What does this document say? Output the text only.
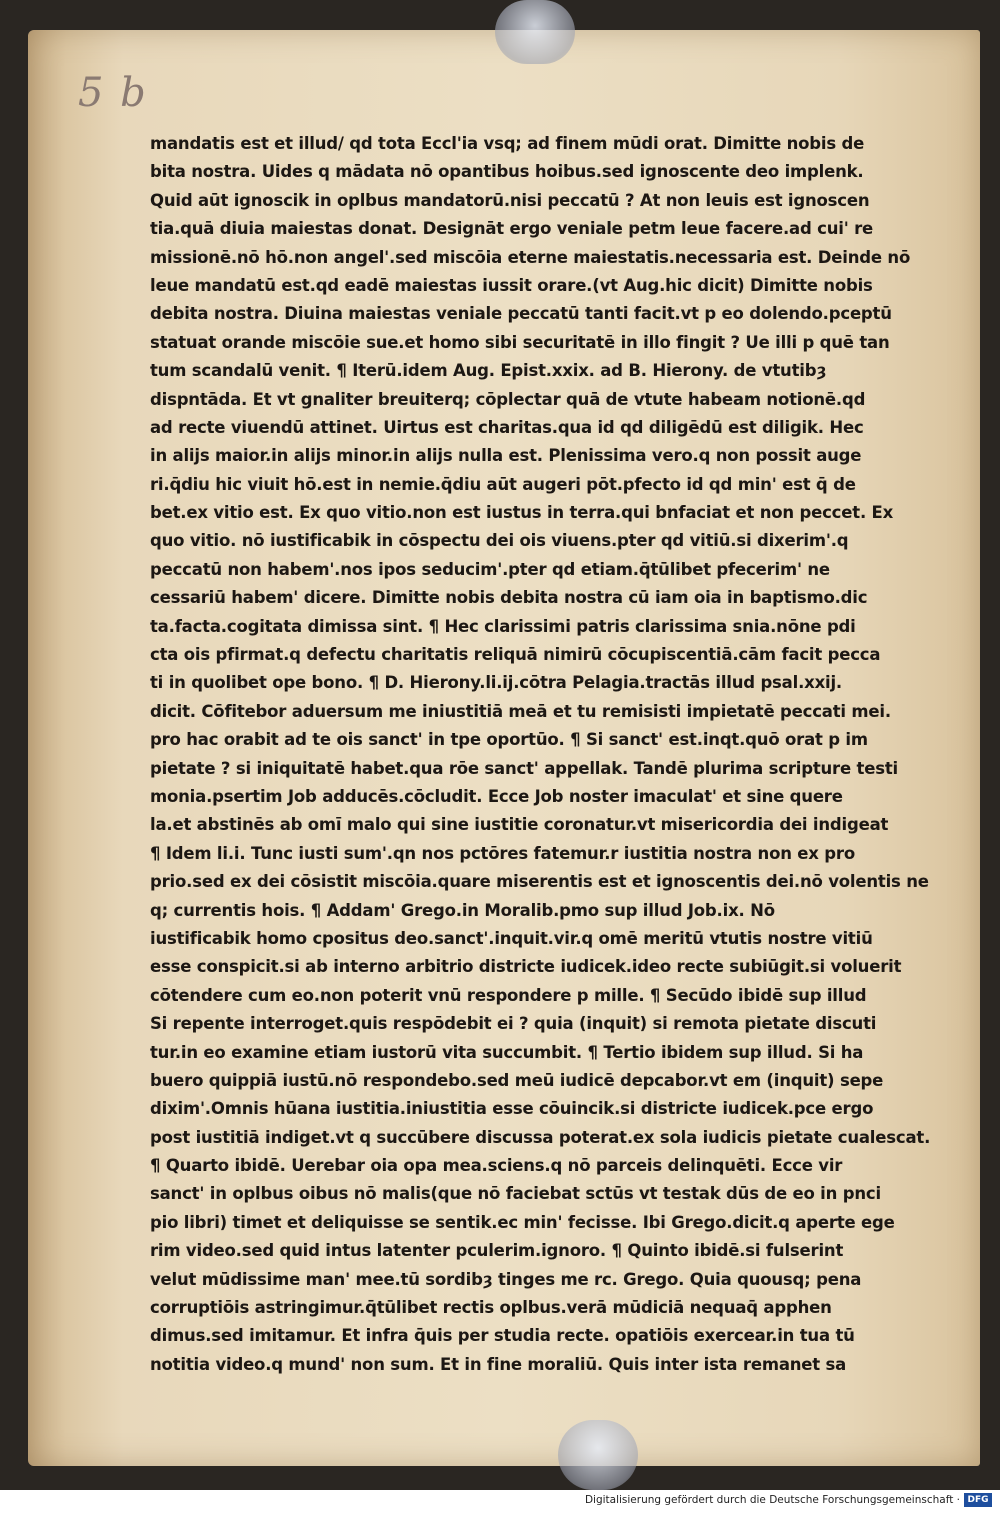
5 b
mandatis est et illud/ qd tota Eccl'ia vsq; ad finem mūdi orat. Dimitte nobis de
bita nostra. Uides q mādata nō opantibus hoibus.sed ignoscente deo implenk.
Quid aūt ignoscik in oplbus mandatorū.nisi peccatū ? At non leuis est ignoscen
tia.quā diuia maiestas donat. Designāt ergo veniale petm leue facere.ad cui' re
missionē.nō hō.non angel'.sed miscōia eterne maiestatis.necessaria est. Deinde nō
leue mandatū est.qd eadē maiestas iussit orare.(vt Aug.hic dicit) Dimitte nobis
debita nostra. Diuina maiestas veniale peccatū tanti facit.vt p eo dolendo.pceptū
statuat orande miscōie sue.et homo sibi securitatē in illo fingit ? Ue illi p quē tan
tum scandalū venit. ¶ Iterū.idem Aug. Epist.xxix. ad B. Hierony. de vtutibȝ
dispntāda. Et vt gnaliter breuiterq; cōplectar quā de vtute habeam notionē.qd
ad recte viuendū attinet. Uirtus est charitas.qua id qd diligēdū est diligik. Hec
in alijs maior.in alijs minor.in alijs nulla est. Plenissima vero.q non possit auge
ri.q̄diu hic viuit hō.est in nemie.q̄diu aūt augeri pōt.pfecto id qd min' est q̄ de
bet.ex vitio est. Ex quo vitio.non est iustus in terra.qui bnfaciat et non peccet. Ex
quo vitio. nō iustificabik in cōspectu dei ois viuens.pter qd vitiū.si dixerim'.q
peccatū non habem'.nos ipos seducim'.pter qd etiam.q̄tūlibet pfecerim' ne
cessariū habem' dicere. Dimitte nobis debita nostra cū iam oia in baptismo.dic
ta.facta.cogitata dimissa sint. ¶ Hec clarissimi patris clarissima snia.nōne pdi
cta ois pfirmat.q defectu charitatis reliquā nimirū cōcupiscentiā.cām facit pecca
ti in quolibet ope bono. ¶ D. Hierony.li.ij.cōtra Pelagia.tractās illud psal.xxij.
dicit. Cōfitebor aduersum me iniustitiā meā et tu remisisti impietatē peccati mei.
pro hac orabit ad te ois sanct' in tpe oportūo. ¶ Si sanct' est.inqt.quō orat p im
pietate ? si iniquitatē habet.qua rōe sanct' appellak. Tandē plurima scripture testi
monia.psertim Job adducēs.cōcludit. Ecce Job noster imaculat' et sine quere
la.et abstinēs ab omī malo qui sine iustitie coronatur.vt misericordia dei indigeat
¶ Idem li.i. Tunc iusti sum'.qn nos pctōres fatemur.r iustitia nostra non ex pro
prio.sed ex dei cōsistit miscōia.quare miserentis est et ignoscentis dei.nō volentis ne
q; currentis hois. ¶ Addam' Grego.in Moralib.pmo sup illud Job.ix. Nō
iustificabik homo cpositus deo.sanct'.inquit.vir.q omē meritū vtutis nostre vitiū
esse conspicit.si ab interno arbitrio districte iudicek.ideo recte subiūgit.si voluerit
cōtendere cum eo.non poterit vnū respondere p mille. ¶ Secūdo ibidē sup illud
Si repente interroget.quis respōdebit ei ? quia (inquit) si remota pietate discuti
tur.in eo examine etiam iustorū vita succumbit. ¶ Tertio ibidem sup illud. Si ha
buero quippiā iustū.nō respondebo.sed meū iudicē depcabor.vt em (inquit) sepe
dixim'.Omnis hūana iustitia.iniustitia esse cōuincik.si districte iudicek.pce ergo
post iustitiā indiget.vt q succūbere discussa poterat.ex sola iudicis pietate cualescat.
¶ Quarto ibidē. Uerebar oia opa mea.sciens.q nō parceis delinquēti. Ecce vir
sanct' in oplbus oibus nō malis(que nō faciebat sctūs vt testak dūs de eo in pnci
pio libri) timet et deliquisse se sentik.ec min' fecisse. Ibi Grego.dicit.q aperte ege
rim video.sed quid intus latenter pculerim.ignoro. ¶ Quinto ibidē.si fulserint
velut mūdissime man' mee.tū sordibȝ tinges me rc. Grego. Quia quousq; pena
corruptiōis astringimur.q̄tūlibet rectis oplbus.verā mūdiciā nequaq̄ apphen
dimus.sed imitamur. Et infra q̄uis per studia recte. opatiōis exercear.in tua tū
notitia video.q mund' non sum. Et in fine moraliū. Quis inter ista remanet sa
Digitalisierung gefördert durch die Deutsche Forschungsgemeinschaft · DFG
